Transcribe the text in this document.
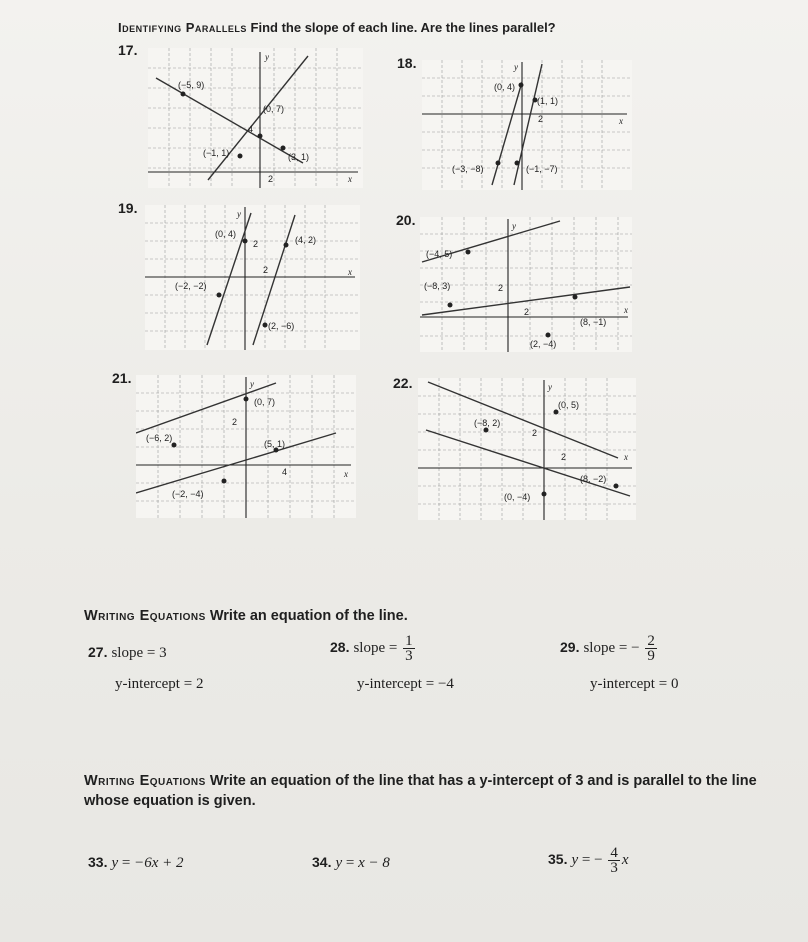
Identifying Parallels Find the slope of each line. Are the lines parallel?
17.
(−5, 9)
(0, 7)
(−1, 1)	(3, 1)
4
2
y
x
18.
(0, 4)
(1, 1)
(−3, −8)	(−1, −7)
2
y
x
19.
(0, 4)
(4, 2)
(−2, −2)
(2, −6)
2
2
y
x
20.
(−4, 5)
(−8, 3)
(8, −1)
(2, −4)
2
2
y
x
21.
(0, 7)
(−6, 2)
(5, 1)
(−2, −4)
2
4
y
x
22.
(0, 5)
(−8, 2)
(8, −2)
(0, −4)
2
2
y
x
Writing Equations Write an equation of the line.
27. slope = 3
y-intercept = 2
28. slope = $\frac{1}{3}$
y-intercept = −4
29. slope = − $\frac{2}{9}$
y-intercept = 0
Writing Equations Write an equation of the line that has a y-intercept of 3 and is parallel to the line whose equation is given.
33. y = −6x + 2	34. y = x − 8	35. y = − $\frac{4}{3}$ x
